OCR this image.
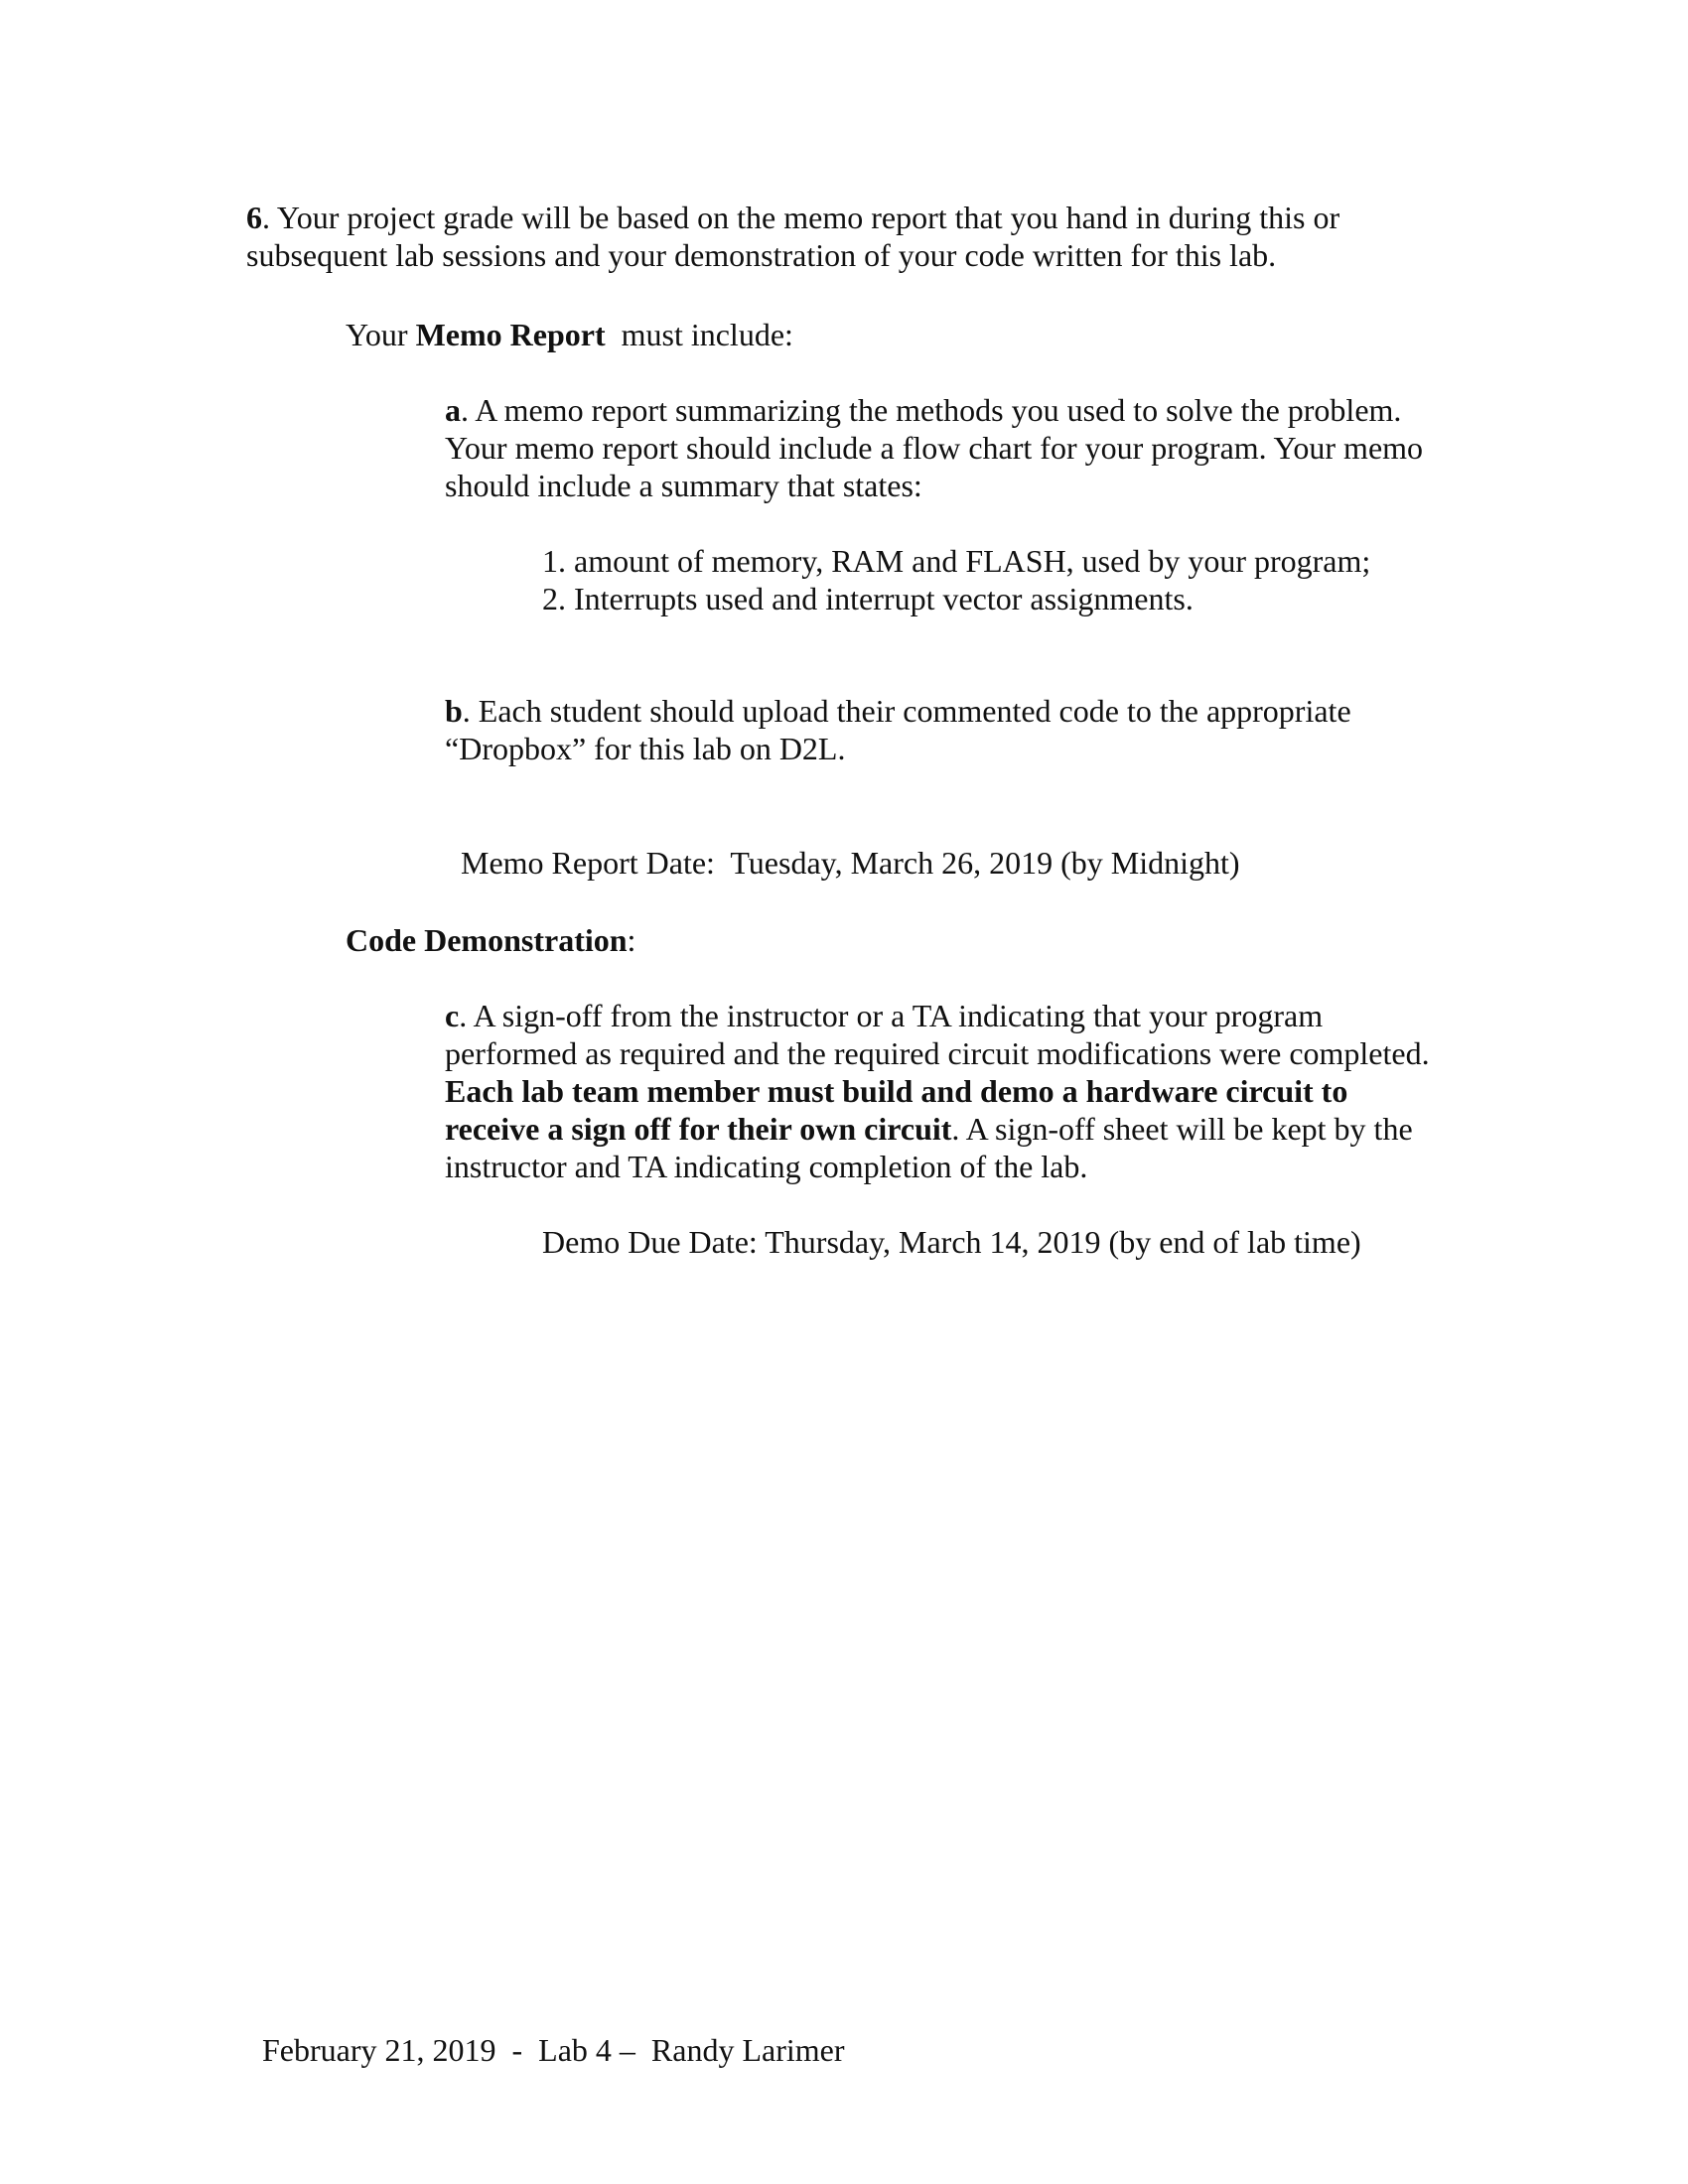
6. Your project grade will be based on the memo report that you hand in during this or subsequent lab sessions and your demonstration of your code written for this lab.

Your Memo Report  must include:

a. A memo report summarizing the methods you used to solve the problem. Your memo report should include a flow chart for your program. Your memo should include a summary that states:

1. amount of memory, RAM and FLASH, used by your program;
2. Interrupts used and interrupt vector assignments.

b. Each student should upload their commented code to the appropriate “Dropbox” for this lab on D2L.

Memo Report Date:  Tuesday, March 26, 2019 (by Midnight)

Code Demonstration:

c. A sign-off from the instructor or a TA indicating that your program performed as required and the required circuit modifications were completed. Each lab team member must build and demo a hardware circuit to receive a sign off for their own circuit. A sign-off sheet will be kept by the instructor and TA indicating completion of the lab.

Demo Due Date: Thursday, March 14, 2019 (by end of lab time)

February 21, 2019  -  Lab 4 –  Randy Larimer
